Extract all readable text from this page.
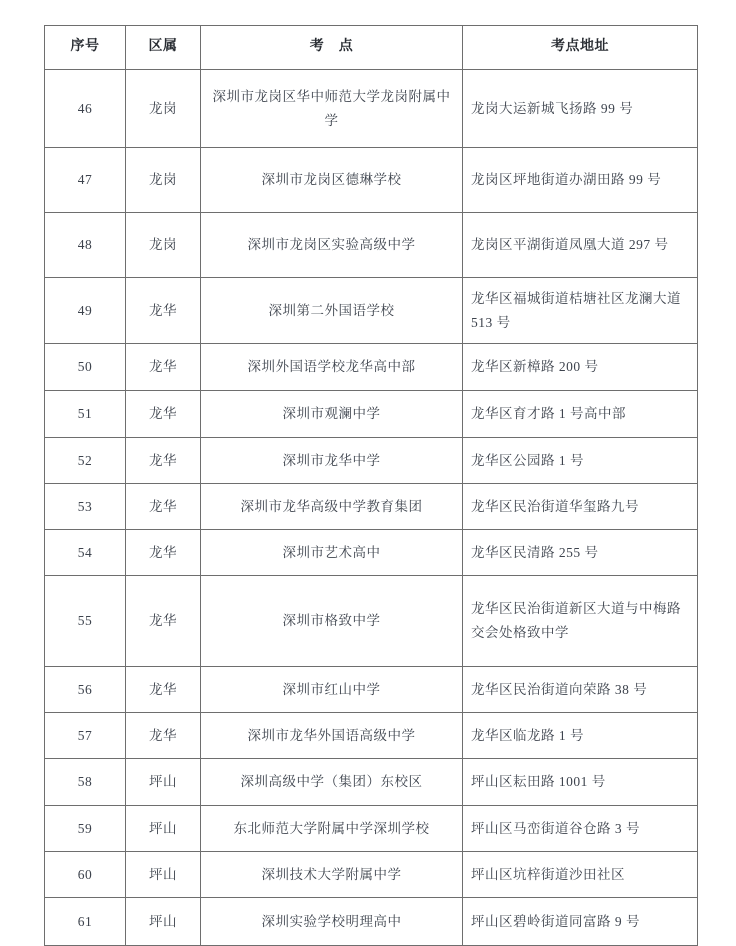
序号	区属	考　点	考点地址
46	龙岗	深圳市龙岗区华中师范大学龙岗附属中学	龙岗大运新城飞扬路 99 号
47	龙岗	深圳市龙岗区德琳学校	龙岗区坪地街道办湖田路 99 号
48	龙岗	深圳市龙岗区实验高级中学	龙岗区平湖街道凤凰大道 297 号
49	龙华	深圳第二外国语学校	龙华区福城街道桔塘社区龙澜大道 513 号
50	龙华	深圳外国语学校龙华高中部	龙华区新樟路 200 号
51	龙华	深圳市观澜中学	龙华区育才路 1 号高中部
52	龙华	深圳市龙华中学	龙华区公园路 1 号
53	龙华	深圳市龙华高级中学教育集团	龙华区民治街道华玺路九号
54	龙华	深圳市艺术高中	龙华区民清路 255 号
55	龙华	深圳市格致中学	龙华区民治街道新区大道与中梅路交会处格致中学
56	龙华	深圳市红山中学	龙华区民治街道向荣路 38 号
57	龙华	深圳市龙华外国语高级中学	龙华区临龙路 1 号
58	坪山	深圳高级中学（集团）东校区	坪山区耘田路 1001 号
59	坪山	东北师范大学附属中学深圳学校	坪山区马峦街道谷仓路 3 号
60	坪山	深圳技术大学附属中学	坪山区坑梓街道沙田社区
61	坪山	深圳实验学校明理高中	坪山区碧岭街道同富路 9 号
